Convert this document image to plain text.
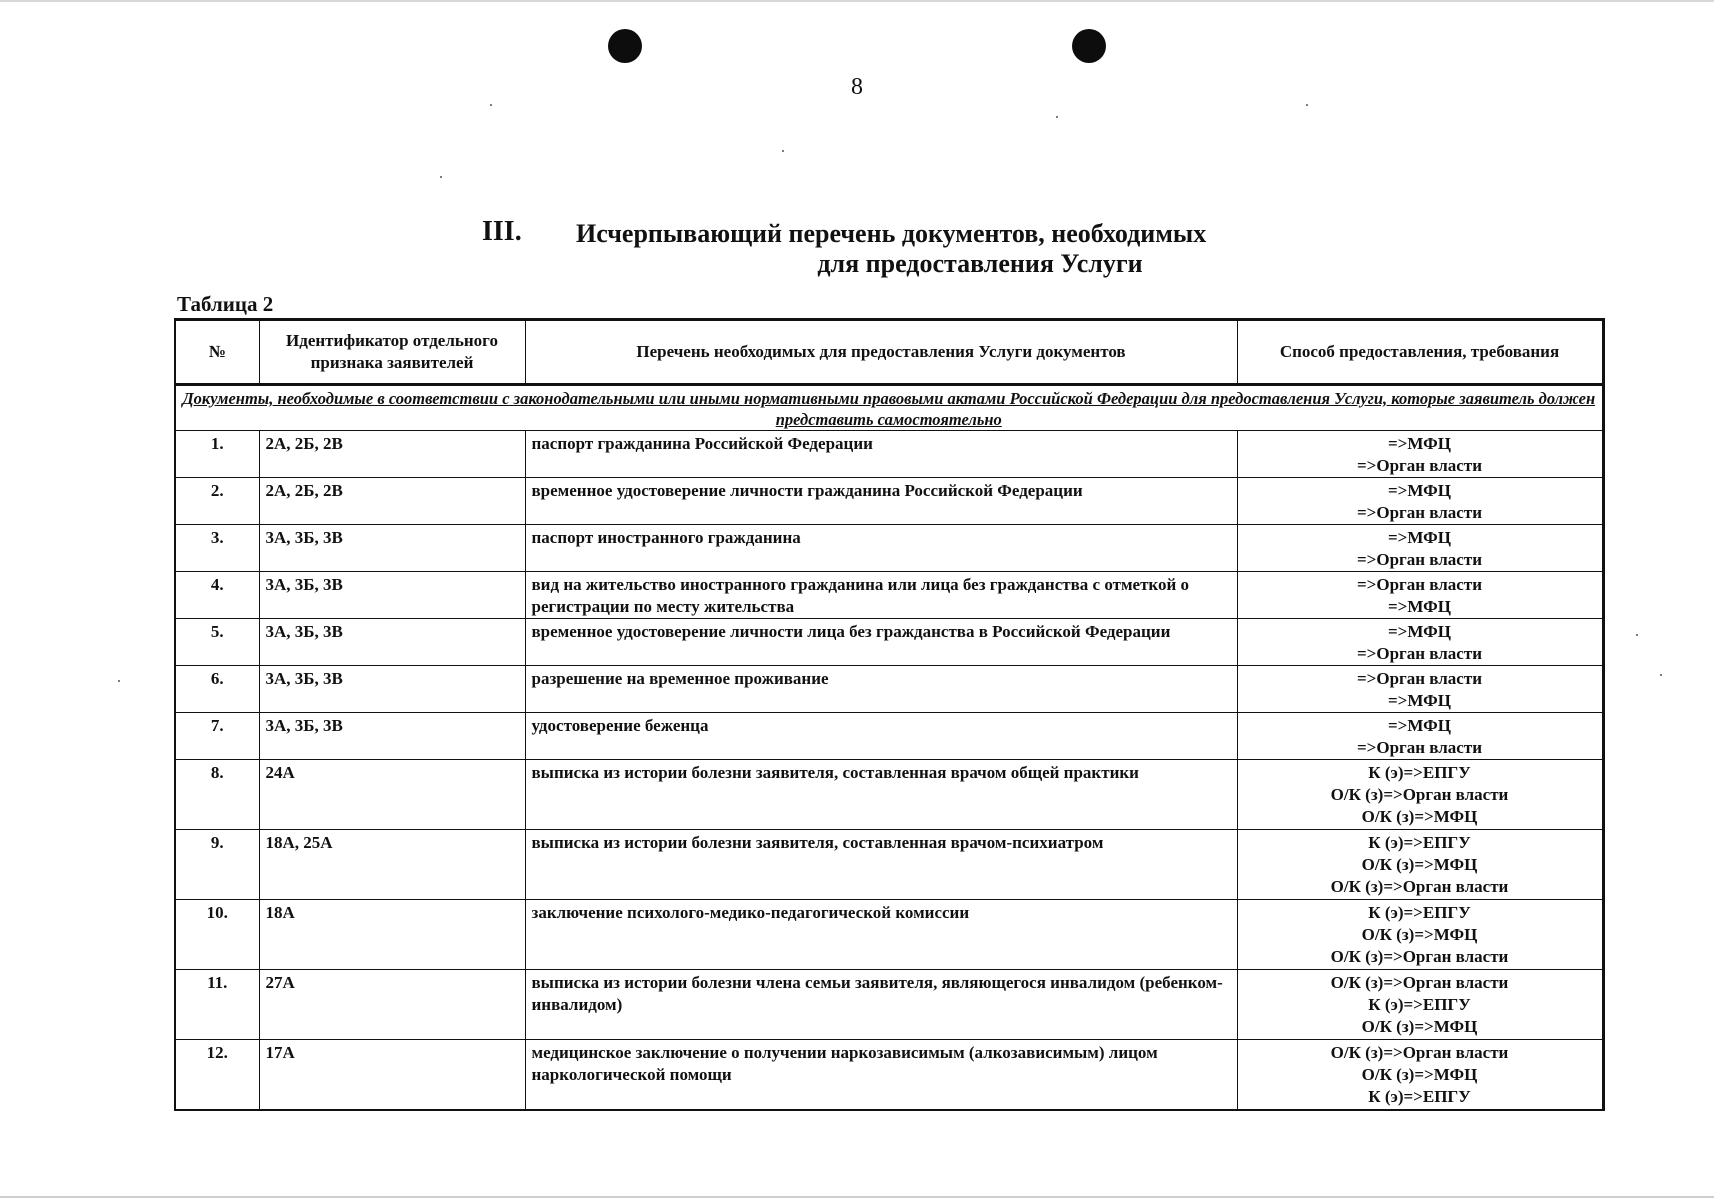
8
III. Исчерпывающий перечень документов, необходимых
для предоставления Услуги
Таблица 2
№	Идентификатор отдельного признака заявителей	Перечень необходимых для предоставления Услуги документов	Способ предоставления, требования
Документы, необходимые в соответствии с законодательными или иными нормативными правовыми актами Российской Федерации для предоставления Услуги, которые заявитель должен представить самостоятельно			
1.	2А, 2Б, 2В	паспорт гражданина Российской Федерации	=>МФЦ
=>Орган власти

2.	2А, 2Б, 2В	временное удостоверение личности гражданина Российской Федерации	=>МФЦ
=>Орган власти

3.	3А, 3Б, 3В	паспорт иностранного гражданина	=>МФЦ
=>Орган власти

4.	3А, 3Б, 3В	вид на жительство иностранного гражданина или лица без гражданства с отметкой о регистрации по месту жительства	=>Орган власти
=>МФЦ

5.	3А, 3Б, 3В	временное удостоверение личности лица без гражданства в Российской Федерации	=>МФЦ
=>Орган власти

6.	3А, 3Б, 3В	разрешение на временное проживание	=>Орган власти
=>МФЦ

7.	3А, 3Б, 3В	удостоверение беженца	=>МФЦ
=>Орган власти

8.	24А	выписка из истории болезни заявителя, составленная врачом общей практики	К (э)=>ЕПГУ
О/К (з)=>Орган власти
О/К (з)=>МФЦ

9.	18А, 25А	выписка из истории болезни заявителя, составленная врачом-психиатром	К (э)=>ЕПГУ
О/К (з)=>МФЦ
О/К (з)=>Орган власти

10.	18А	заключение психолого-медико-педагогической комиссии	К (э)=>ЕПГУ
О/К (з)=>МФЦ
О/К (з)=>Орган власти

11.	27А	выписка из истории болезни члена семьи заявителя, являющегося инвалидом (ребенком-инвалидом)	О/К (з)=>Орган власти
К (э)=>ЕПГУ
О/К (з)=>МФЦ

12.	17А	медицинское заключение о получении наркозависимым (алкозависимым) лицом наркологической помощи	О/К (з)=>Орган власти
О/К (з)=>МФЦ
К (э)=>ЕПГУ
